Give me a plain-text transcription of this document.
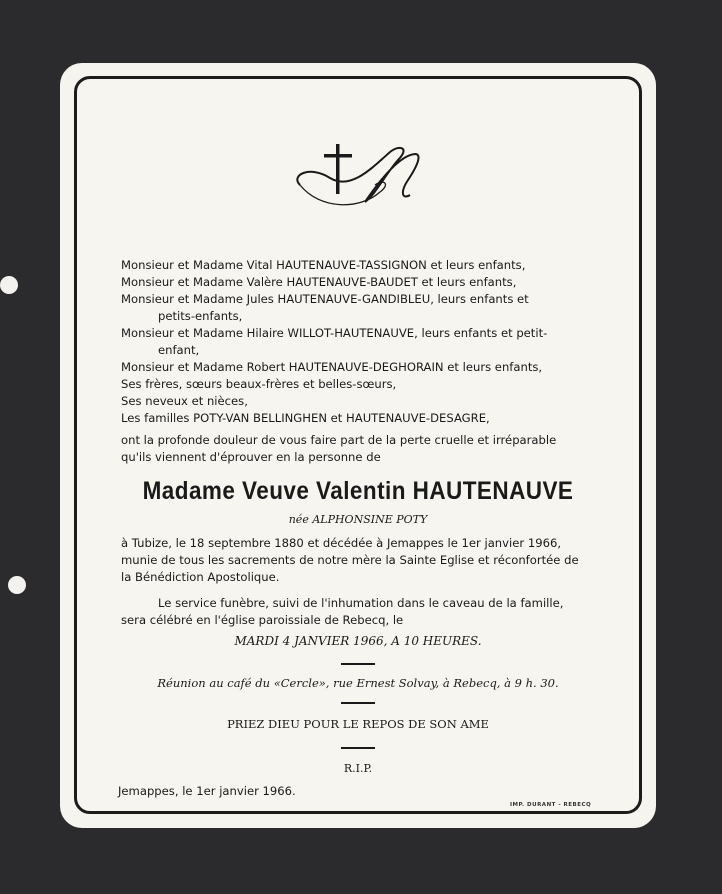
Monsieur et Madame Vital HAUTENAUVE-TASSIGNON et leurs enfants,
Monsieur et Madame Valère HAUTENAUVE-BAUDET et leurs enfants,
Monsieur et Madame Jules HAUTENAUVE-GANDIBLEU, leurs enfants et
petits-enfants,
Monsieur et Madame Hilaire WILLOT-HAUTENAUVE, leurs enfants et petit-
enfant,
Monsieur et Madame Robert HAUTENAUVE-DEGHORAIN et leurs enfants,
Ses frères, sœurs beaux-frères et belles-sœurs,
Ses neveux et nièces,
Les familles POTY-VAN BELLINGHEN et HAUTENAUVE-DESAGRE,
ont la profonde douleur de vous faire part de la perte cruelle et irréparable
qu'ils viennent d'éprouver en la personne de
Madame Veuve Valentin HAUTENAUVE
née ALPHONSINE POTY
à Tubize, le 18 septembre 1880 et décédée à Jemappes le 1er janvier 1966,
munie de tous les sacrements de notre mère la Sainte Eglise et réconfortée de
la Bénédiction Apostolique.
Le service funèbre, suivi de l'inhumation dans le caveau de la famille,
sera célébré en l'église paroissiale de Rebecq, le
MARDI 4 JANVIER 1966, A 10 HEURES.
Réunion au café du «Cercle», rue Ernest Solvay, à Rebecq, à 9 h. 30.
PRIEZ DIEU POUR LE REPOS DE SON AME
R.I.P.
Jemappes, le 1er janvier 1966.
IMP. DURANT - REBECQ
